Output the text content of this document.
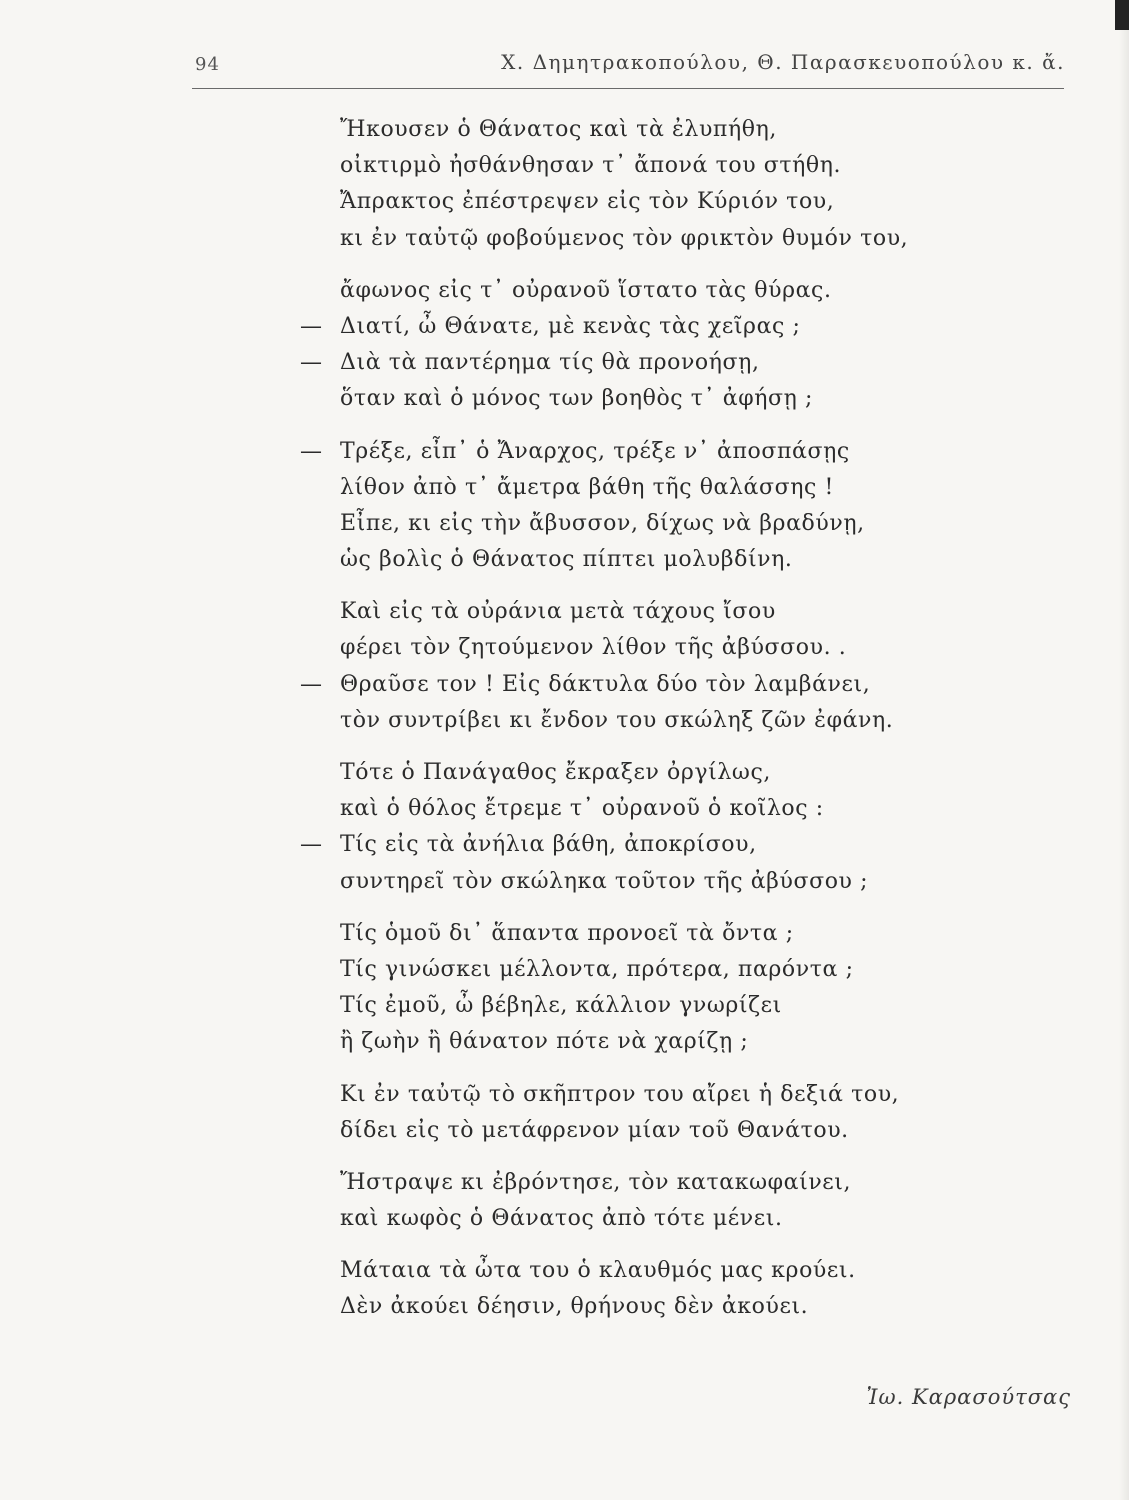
94	Χ. Δημητρακοπούλου, Θ. Παρασκευοπούλου κ. ἄ.
Ἤκουσεν ὁ Θάνατος καὶ τὰ ἐλυπήθη,
οἰκτιρμὸ ἠσθάνθησαν τ᾿ ἄπονά του στήθη.
Ἄπρακτος ἐπέστρεψεν εἰς τὸν Κύριόν του,
κι ἐν ταὐτῷ φοβούμενος τὸν φρικτὸν θυμόν του,
ἄφωνος εἰς τ᾿ οὐρανοῦ ἵστατο τὰς θύρας.
— Διατί, ὦ Θάνατε, μὲ κενὰς τὰς χεῖρας ;
— Διὰ τὰ παντέρημα τίς θὰ προνοήσῃ,
ὅταν καὶ ὁ μόνος των βοηθὸς τ᾿ ἀφήσῃ ;
— Τρέξε, εἶπ᾿ ὁ Ἄναρχος, τρέξε ν᾿ ἀποσπάσῃς
λίθον ἀπὸ τ᾿ ἄμετρα βάθη τῆς θαλάσσης !
Εἶπε, κι εἰς τὴν ἄβυσσον, δίχως νὰ βραδύνῃ,
ὡς βολὶς ὁ Θάνατος πίπτει μολυβδίνη.
Καὶ εἰς τὰ οὐράνια μετὰ τάχους ἴσου
φέρει τὸν ζητούμενον λίθον τῆς ἀβύσσου. .
— Θραῦσε τον ! Εἰς δάκτυλα δύο τὸν λαμβάνει,
τὸν συντρίβει κι ἔνδον του σκώληξ ζῶν ἐφάνη.
Τότε ὁ Πανάγαθος ἔκραξεν ὀργίλως,
καὶ ὁ θόλος ἔτρεμε τ᾿ οὐρανοῦ ὁ κοῖλος :
— Τίς εἰς τὰ ἀνήλια βάθη, ἀποκρίσου,
συντηρεῖ τὸν σκώληκα τοῦτον τῆς ἀβύσσου ;
Τίς ὁμοῦ δι᾿ ἅπαντα προνοεῖ τὰ ὄντα ;
Τίς γινώσκει μέλλοντα, πρότερα, παρόντα ;
Τίς ἐμοῦ, ὦ βέβηλε, κάλλιον γνωρίζει
ἢ ζωὴν ἢ θάνατον πότε νὰ χαρίζῃ ;
Κι ἐν ταὐτῷ τὸ σκῆπτρον του αἴρει ἡ δεξιά του,
δίδει εἰς τὸ μετάφρενον μίαν τοῦ Θανάτου.
Ἤστραψε κι ἐβρόντησε, τὸν κατακωφαίνει,
καὶ κωφὸς ὁ Θάνατος ἀπὸ τότε μένει.
Μάταια τὰ ὦτα του ὁ κλαυθμός μας κρούει.
Δὲν ἀκούει δέησιν, θρήνους δὲν ἀκούει.
Ἰω. Καρασούτσας
